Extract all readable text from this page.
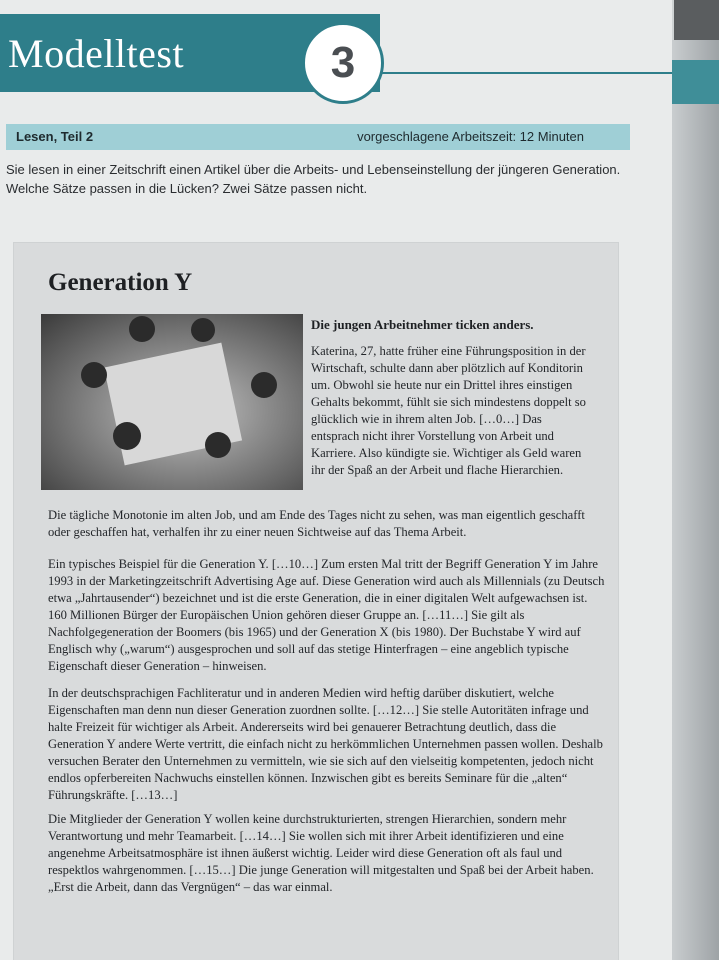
Modelltest	3
Lesen, Teil 2	vorgeschlagene Arbeitszeit: 12 Minuten
Sie lesen in einer Zeitschrift einen Artikel über die Arbeits- und Lebenseinstellung der jüngeren Generation. Welche Sätze passen in die Lücken? Zwei Sätze passen nicht.
Generation Y
Die jungen Arbeitnehmer ticken anders.
Katerina, 27, hatte früher eine Führungsposition in der Wirtschaft, schulte dann aber plötzlich auf Konditorin um. Obwohl sie heute nur ein Drittel ihres einstigen Gehalts bekommt, fühlt sie sich mindestens doppelt so glücklich wie in ihrem alten Job. […0…] Das entsprach nicht ihrer Vorstellung von Arbeit und Karriere. Also kündigte sie. Wichtiger als Geld waren ihr der Spaß an der Arbeit und flache Hierarchien.
Die tägliche Monotonie im alten Job, und am Ende des Tages nicht zu sehen, was man eigentlich geschafft oder geschaffen hat, verhalfen ihr zu einer neuen Sichtweise auf das Thema Arbeit.
Ein typisches Beispiel für die Generation Y. […10…] Zum ersten Mal tritt der Begriff Generation Y im Jahre 1993 in der Marketingzeitschrift Advertising Age auf. Diese Generation wird auch als Millennials (zu Deutsch etwa „Jahrtausender“) bezeichnet und ist die erste Generation, die in einer digitalen Welt aufgewachsen ist. 160 Millionen Bürger der Europäischen Union gehören dieser Gruppe an. […11…] Sie gilt als Nachfolgegeneration der Boomers (bis 1965) und der Generation X (bis 1980). Der Buchstabe Y wird auf Englisch why („warum“) ausgesprochen und soll auf das stetige Hinterfragen – eine angeblich typische Eigenschaft dieser Generation – hinweisen.
In der deutschsprachigen Fachliteratur und in anderen Medien wird heftig darüber diskutiert, welche Eigenschaften man denn nun dieser Generation zuordnen sollte. […12…] Sie stelle Autoritäten infrage und halte Freizeit für wichtiger als Arbeit. Andererseits wird bei genauerer Betrachtung deutlich, dass die Generation Y andere Werte vertritt, die einfach nicht zu herkömmlichen Unternehmen passen wollen. Deshalb versuchen Berater den Unternehmen zu vermitteln, wie sie sich auf den vielseitig kompetenten, jedoch nicht endlos opferbereiten Nachwuchs einstellen können. Inzwischen gibt es bereits Seminare für die „alten“ Führungskräfte. […13…]
Die Mitglieder der Generation Y wollen keine durchstrukturierten, strengen Hierarchien, sondern mehr Verantwortung und mehr Teamarbeit. […14…] Sie wollen sich mit ihrer Arbeit identifizieren und eine angenehme Arbeitsatmosphäre ist ihnen äußerst wichtig. Leider wird diese Generation oft als faul und respektlos wahrgenommen. […15…] Die junge Generation will mitgestalten und Spaß bei der Arbeit haben. „Erst die Arbeit, dann das Vergnügen“ – das war einmal.
